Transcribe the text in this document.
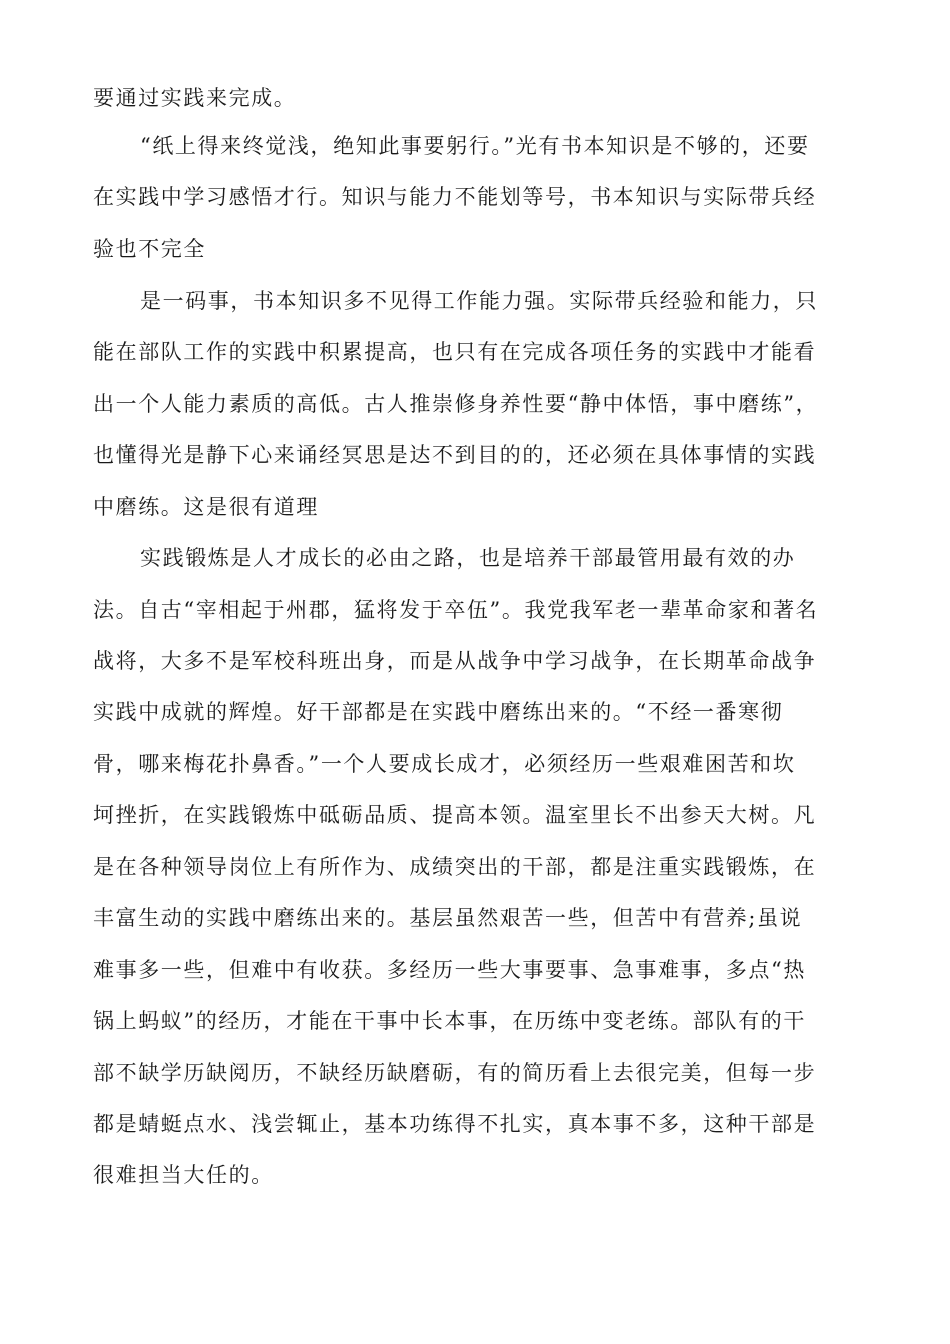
要通过实践来完成。
“纸上得来终觉浅，绝知此事要躬行。”光有书本知识是不够的，还要
在实践中学习感悟才行。知识与能力不能划等号，书本知识与实际带兵经
验也不完全
是一码事，书本知识多不见得工作能力强。实际带兵经验和能力，只
能在部队工作的实践中积累提高，也只有在完成各项任务的实践中才能看
出一个人能力素质的高低。古人推崇修身养性要“静中体悟，事中磨练”，
也懂得光是静下心来诵经冥思是达不到目的的，还必须在具体事情的实践
中磨练。这是很有道理
实践锻炼是人才成长的必由之路，也是培养干部最管用最有效的办
法。自古“宰相起于州郡，猛将发于卒伍”。我党我军老一辈革命家和著名
战将，大多不是军校科班出身，而是从战争中学习战争，在长期革命战争
实践中成就的辉煌。好干部都是在实践中磨练出来的。“不经一番寒彻
骨，哪来梅花扑鼻香。”一个人要成长成才，必须经历一些艰难困苦和坎
坷挫折，在实践锻炼中砥砺品质、提高本领。温室里长不出参天大树。凡
是在各种领导岗位上有所作为、成绩突出的干部，都是注重实践锻炼，在
丰富生动的实践中磨练出来的。基层虽然艰苦一些，但苦中有营养;虽说
难事多一些，但难中有收获。多经历一些大事要事、急事难事，多点“热
锅上蚂蚁”的经历，才能在干事中长本事，在历练中变老练。部队有的干
部不缺学历缺阅历，不缺经历缺磨砺，有的简历看上去很完美，但每一步
都是蜻蜓点水、浅尝辄止，基本功练得不扎实，真本事不多，这种干部是
很难担当大任的。
